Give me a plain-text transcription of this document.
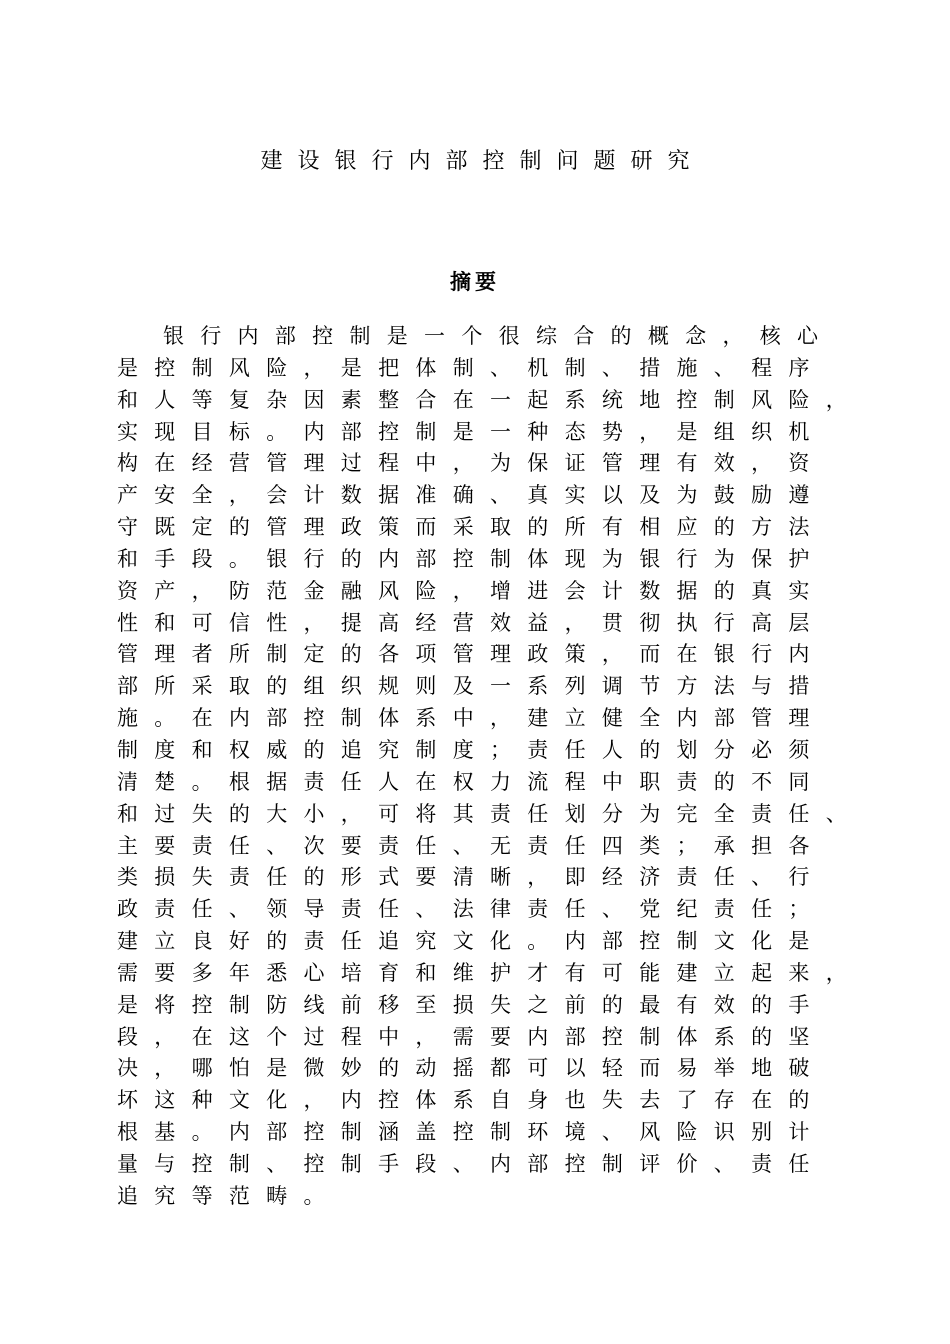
建设银行内部控制问题研究
摘要
银行内部控制是一个很综合的概念，核心
是控制风险，是把体制、机制、措施、程序
和人等复杂因素整合在一起系统地控制风险，
实现目标。内部控制是一种态势，是组织机
构在经营管理过程中，为保证管理有效，资
产安全，会计数据准确、真实以及为鼓励遵
守既定的管理政策而采取的所有相应的方法
和手段。银行的内部控制体现为银行为保护
资产，防范金融风险，增进会计数据的真实
性和可信性，提高经营效益，贯彻执行高层
管理者所制定的各项管理政策，而在银行内
部所采取的组织规则及一系列调节方法与措
施。在内部控制体系中，建立健全内部管理
制度和权威的追究制度；责任人的划分必须
清楚。根据责任人在权力流程中职责的不同
和过失的大小，可将其责任划分为完全责任、
主要责任、次要责任、无责任四类；承担各
类损失责任的形式要清晰，即经济责任、行
政责任、领导责任、法律责任、党纪责任；
建立良好的责任追究文化。内部控制文化是
需要多年悉心培育和维护才有可能建立起来，
是将控制防线前移至损失之前的最有效的手
段，在这个过程中，需要内部控制体系的坚
决，哪怕是微妙的动摇都可以轻而易举地破
坏这种文化，内控体系自身也失去了存在的
根基。内部控制涵盖控制环境、风险识别计
量与控制、控制手段、内部控制评价、责任
追究等范畴。
